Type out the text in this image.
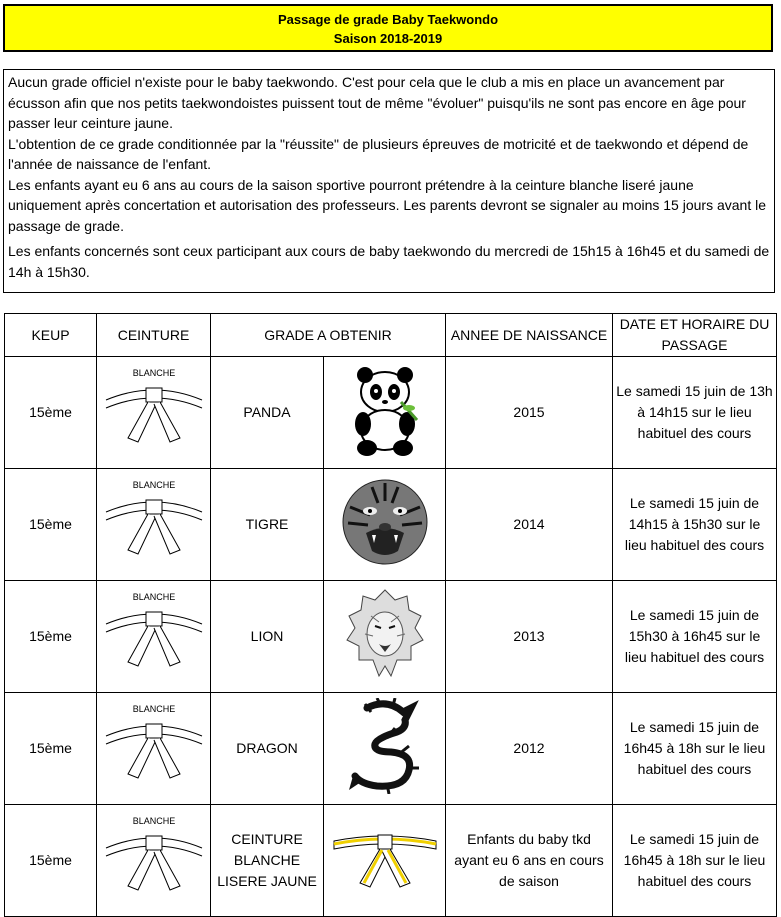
Passage de grade Baby Taekwondo
Saison 2018-2019

Aucun grade officiel n'existe pour le baby taekwondo. C'est pour cela que le club a mis en place un avancement par écusson afin que nos petits taekwondoistes puissent tout de même "évoluer" puisqu'ils ne sont pas encore en âge pour passer leur ceinture jaune.

L'obtention de ce grade conditionnée par la "réussite" de plusieurs épreuves de motricité et de taekwondo et dépend de l'année de naissance de l'enfant.

Les enfants ayant eu 6 ans au cours de la saison sportive pourront prétendre à la ceinture blanche liseré jaune uniquement après concertation et autorisation des professeurs. Les parents devront se signaler au moins 15 jours avant le passage de grade.

Les enfants concernés sont ceux participant aux cours de baby taekwondo du mercredi de 15h15 à 16h45 et du samedi de 14h à 15h30.

KEUP	CEINTURE	GRADE A OBTENIR		ANNEE DE NAISSANCE	DATE ET HORAIRE DU PASSAGE
15ème	BLANCHE	PANDA		2015	Le samedi 15 juin de 13h à 14h15 sur le lieu habituel des cours
15ème	BLANCHE	TIGRE		2014	Le samedi 15 juin de 14h15 à 15h30 sur le lieu habituel des cours
15ème	BLANCHE	LION		2013	Le samedi 15 juin de 15h30 à 16h45 sur le lieu habituel des cours
15ème	BLANCHE	DRAGON		2012	Le samedi 15 juin de 16h45 à 18h sur le lieu habituel des cours
15ème	BLANCHE	CEINTURE BLANCHE LISERE JAUNE		Enfants du baby tkd ayant eu 6 ans en cours de saison	Le samedi 15 juin de 16h45 à 18h sur le lieu habituel des cours
